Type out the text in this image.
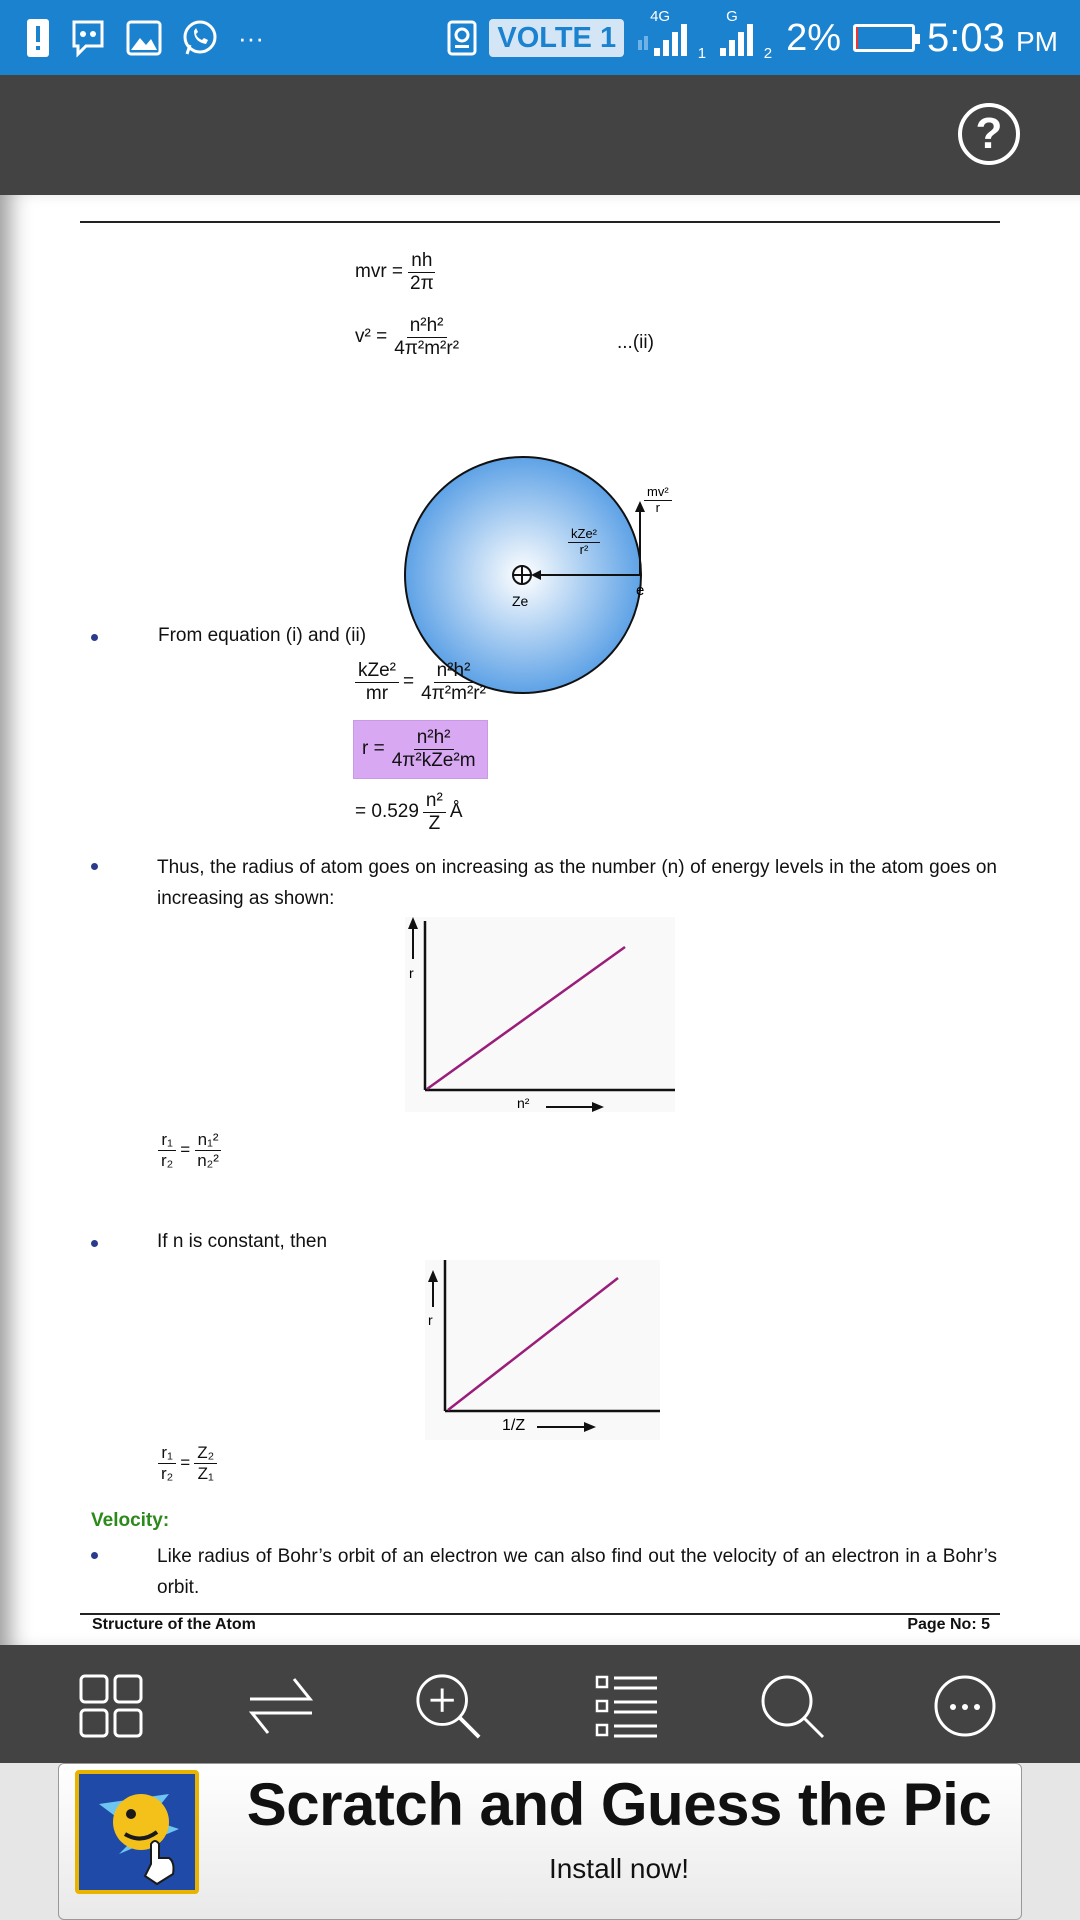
···	VOLTE 1
4G
1
G
2 2% 5:03 PM
?
mvr = $\frac{nh}{2\pi}$
$v^2 = \frac{\text{n²h²}}{\text{4π²m²r²}}$	...(ii)
e
Ze
$\frac{\text{mv²}}{r}$
kZe²
r²
From equation (i) and (ii)
$\frac{\text{kZe²}}{mr} = \frac{\text{n²h²}}{\text{4π²m²r²}}$
$r = \frac{\text{n²h²}}{\text{4π²kZe²m}}$
= $0.529 \frac{\text{n²}}{Z}$ Å
Thus, the radius of atom goes on increasing as the number (n) of energy levels in the atom goes on increasing as shown:
r
n²
$\frac{\text{r₁}}{\text{r₂}} = \frac{\text{n₁²}}{\text{n₂²}}$
If n is constant, then
r
1/Z
$\frac{\text{r₁}}{\text{r₂}} = \frac{\text{Z₂}}{\text{Z₁}}$
Velocity:
Like radius of Bohr’s orbit of an electron we can also find out the velocity of an electron in a Bohr’s orbit.
Structure of the Atom	Page No: 5
Scratch and Guess the Pic
Install now!
